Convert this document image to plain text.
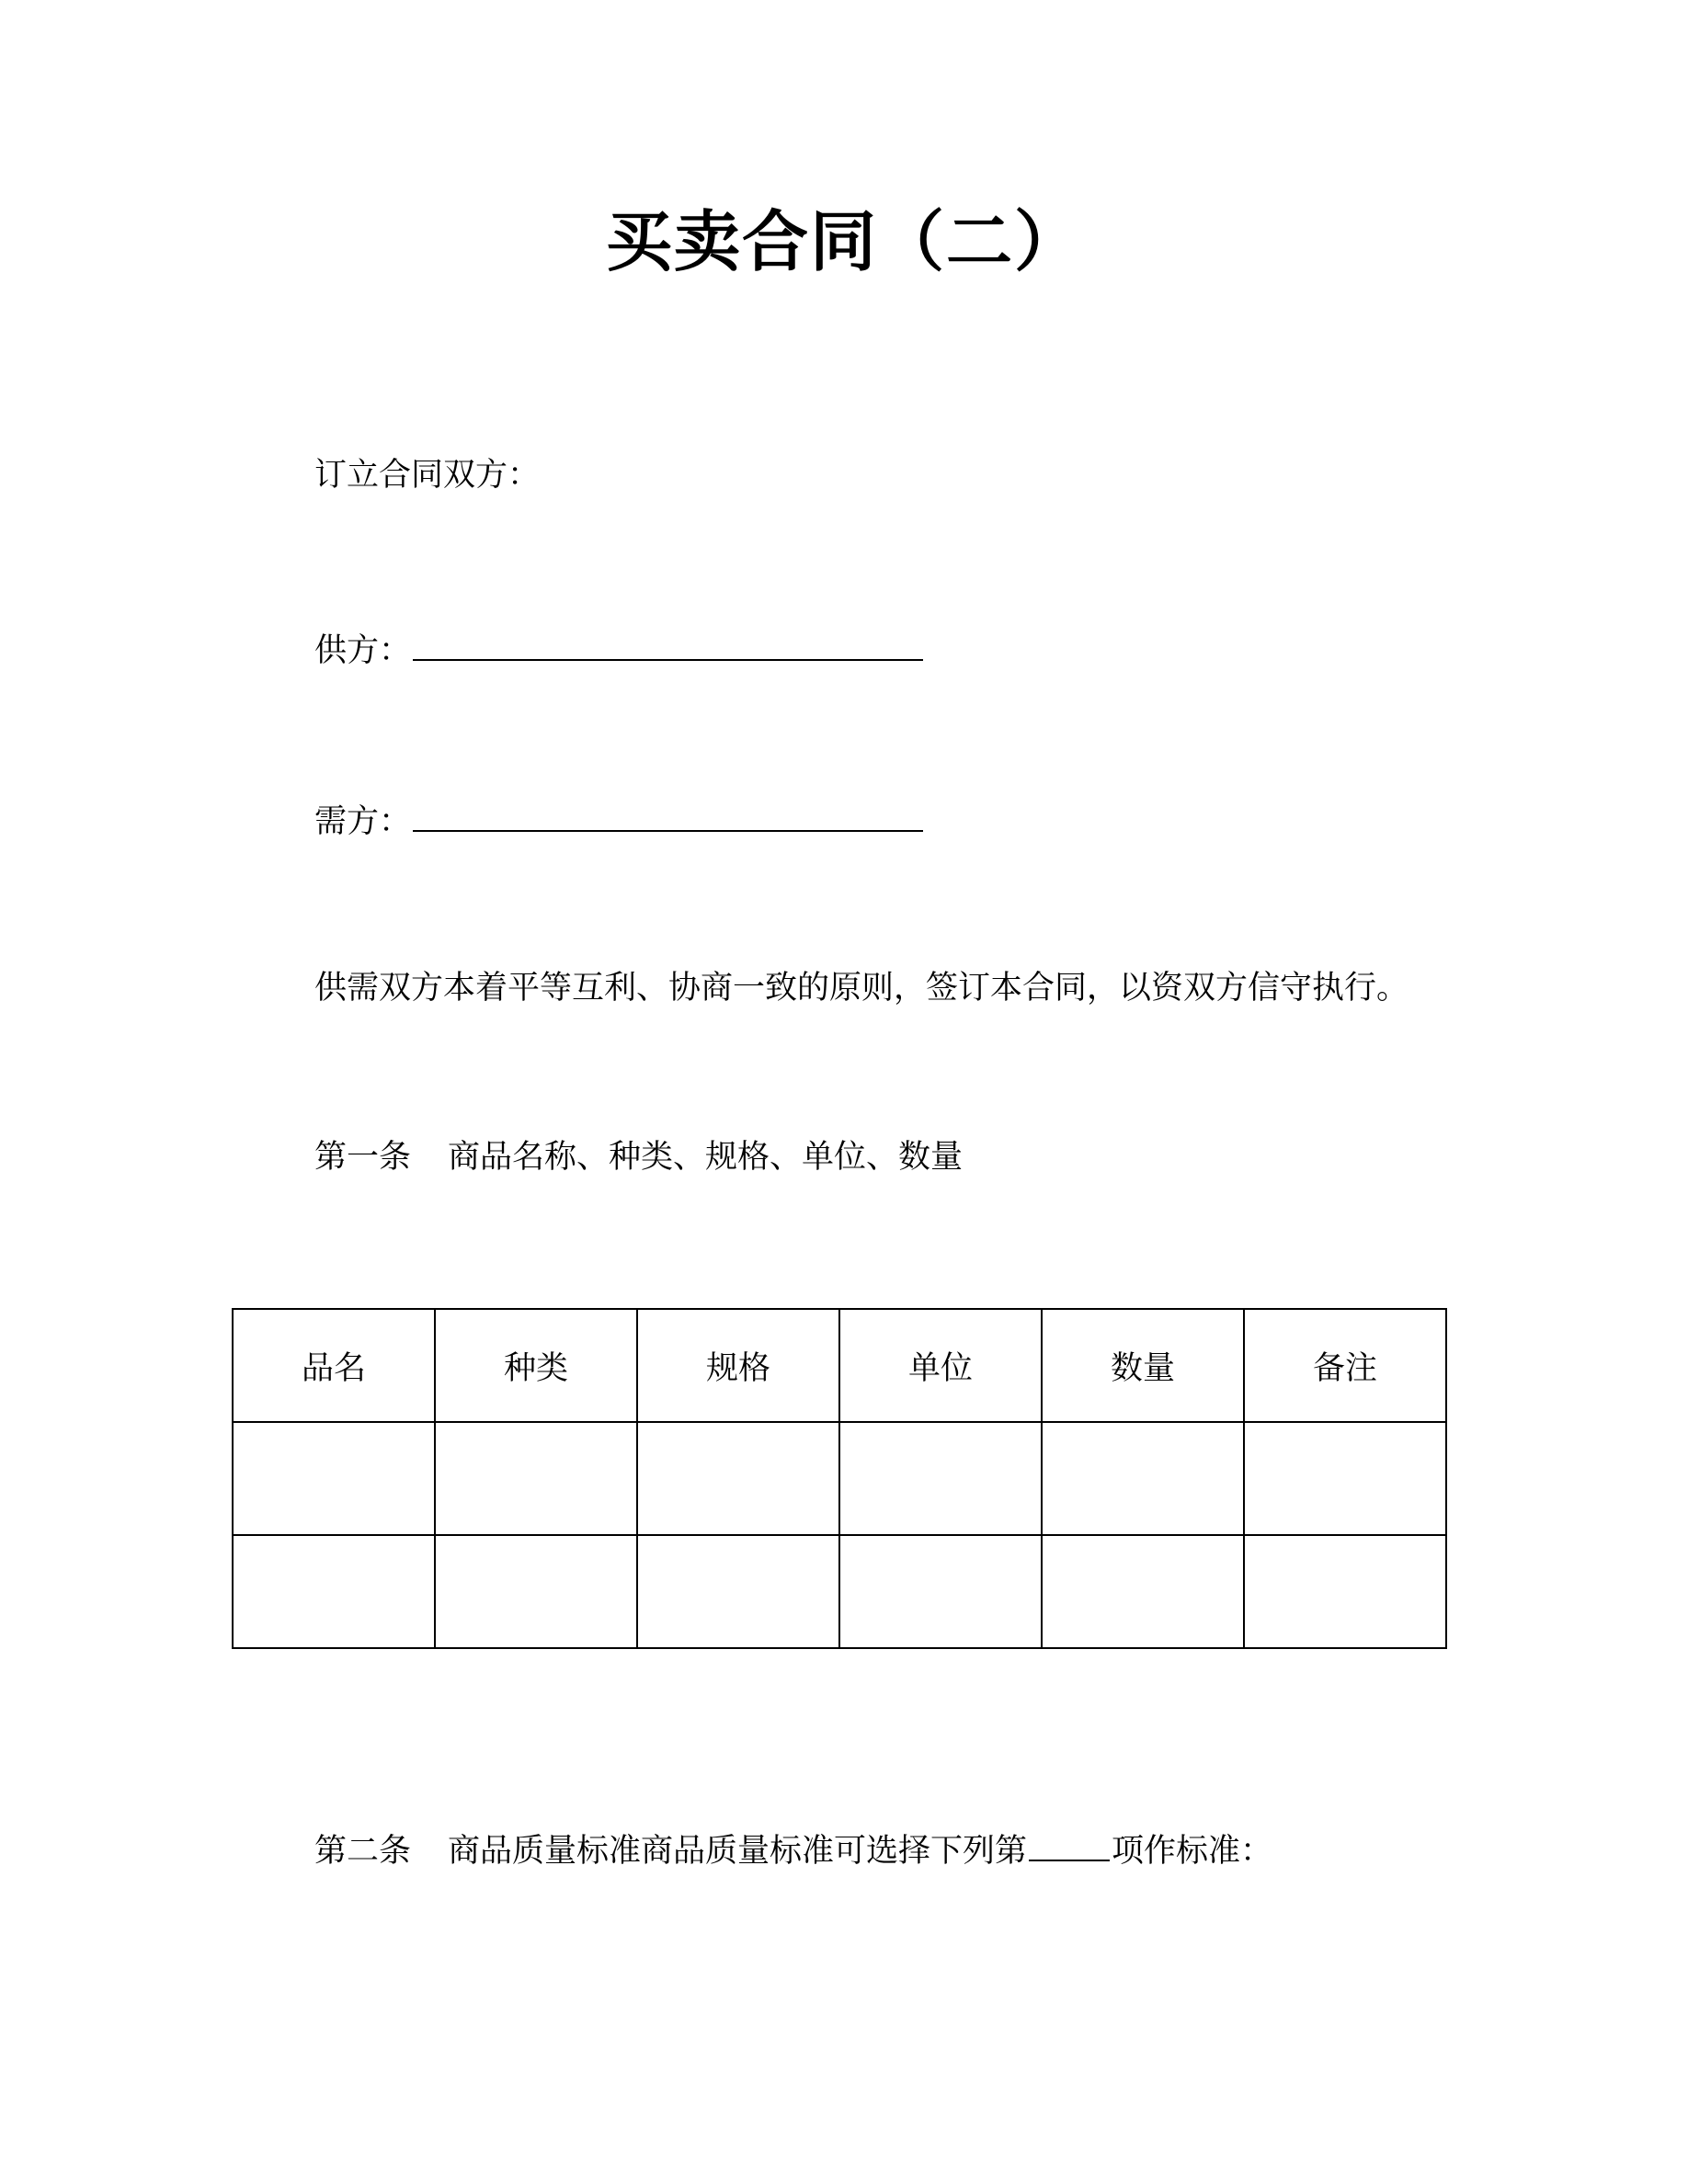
买卖合同（二）
订立合同双方：
供方：
需方：
供需双方本着平等互利、协商一致的原则，签订本合同，以资双方信守执行。
第一条 商品名称、种类、规格、单位、数量
品名	种类	规格	单位	数量	备注

第二条 商品质量标准商品质量标准可选择下列第	项作标准：
